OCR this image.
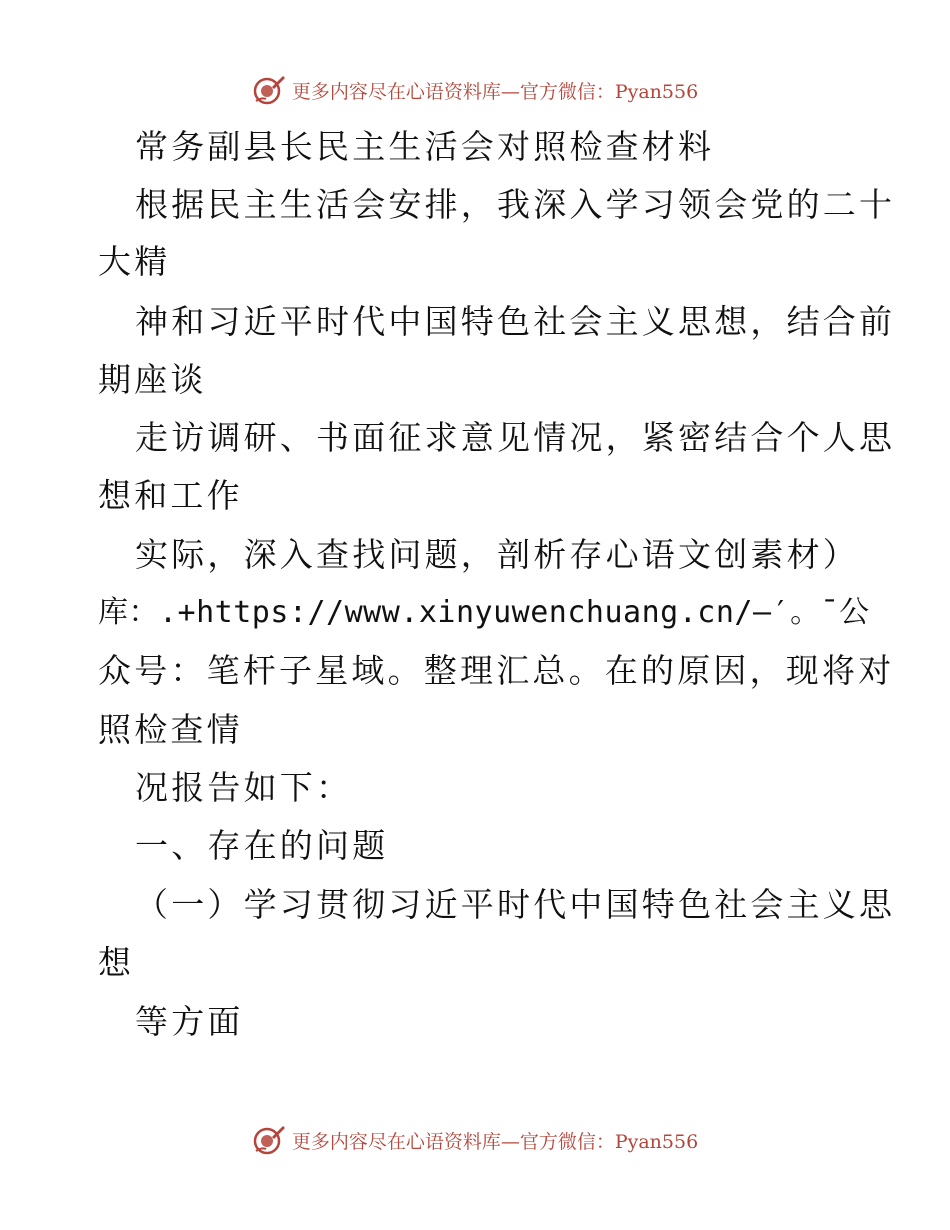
更多内容尽在心语资料库—官方微信：Pyan556
常务副县长民主生活会对照检查材料
根据民主生活会安排，我深入学习领会党的二十
大精
神和习近平时代中国特色社会主义思想，结合前
期座谈
走访调研、书面征求意见情况，紧密结合个人思
想和工作
实际，深入查找问题，剖析存心语文创素材）
库：.+https://www.xinyuwenchuang.cn/—′。¯公
众号：笔杆子星域。整理汇总。在的原因，现将对
照检查情
况报告如下：
一、存在的问题
（一）学习贯彻习近平时代中国特色社会主义思
想
等方面
更多内容尽在心语资料库—官方微信：Pyan556
